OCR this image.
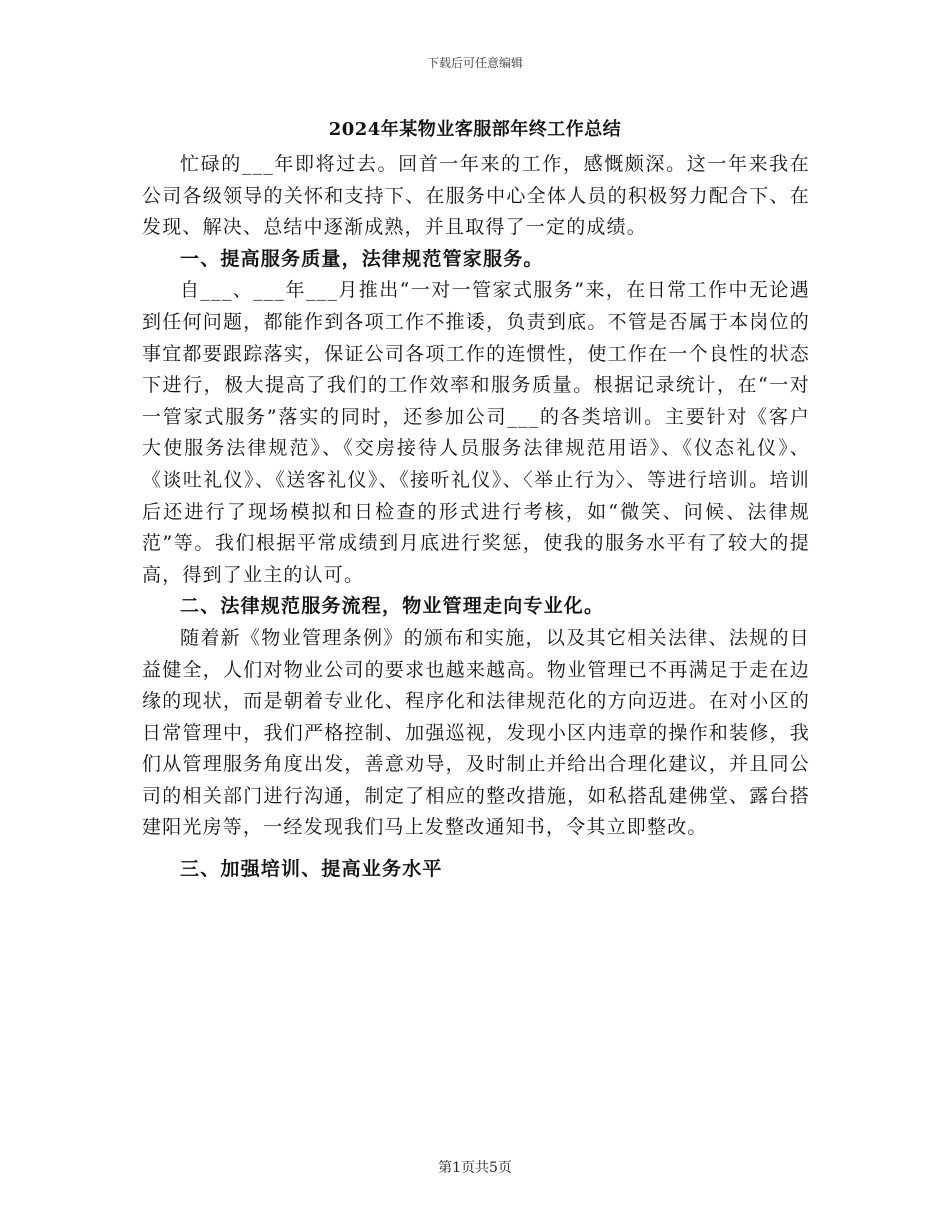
下载后可任意编辑
2024年某物业客服部年终工作总结

忙碌的___年即将过去。回首一年来的工作，感慨颇深。这一年来我在公司各级领导的关怀和支持下、在服务中心全体人员的积极努力配合下、在发现、解决、总结中逐渐成熟，并且取得了一定的成绩。

一、提高服务质量，法律规范管家服务。

自___、___年___月推出“一对一管家式服务”来，在日常工作中无论遇到任何问题，都能作到各项工作不推诿，负责到底。不管是否属于本岗位的事宜都要跟踪落实，保证公司各项工作的连惯性，使工作在一个良性的状态下进行，极大提高了我们的工作效率和服务质量。根据记录统计，在“一对一管家式服务”落实的同时，还参加公司___的各类培训。主要针对《客户大使服务法律规范》、《交房接待人员服务法律规范用语》、《仪态礼仪》、《谈吐礼仪》、《送客礼仪》、《接听礼仪》、〈举止行为〉、等进行培训。培训后还进行了现场模拟和日检查的形式进行考核，如“微笑、问候、法律规范”等。我们根据平常成绩到月底进行奖惩，使我的服务水平有了较大的提高，得到了业主的认可。

二、法律规范服务流程，物业管理走向专业化。

随着新《物业管理条例》的颁布和实施，以及其它相关法律、法规的日益健全，人们对物业公司的要求也越来越高。物业管理已不再满足于走在边缘的现状，而是朝着专业化、程序化和法律规范化的方向迈进。在对小区的日常管理中，我们严格控制、加强巡视，发现小区内违章的操作和装修，我们从管理服务角度出发，善意劝导，及时制止并给出合理化建议，并且同公司的相关部门进行沟通，制定了相应的整改措施，如私搭乱建佛堂、露台搭建阳光房等，一经发现我们马上发整改通知书，令其立即整改。

三、加强培训、提高业务水平

第1页共5页
